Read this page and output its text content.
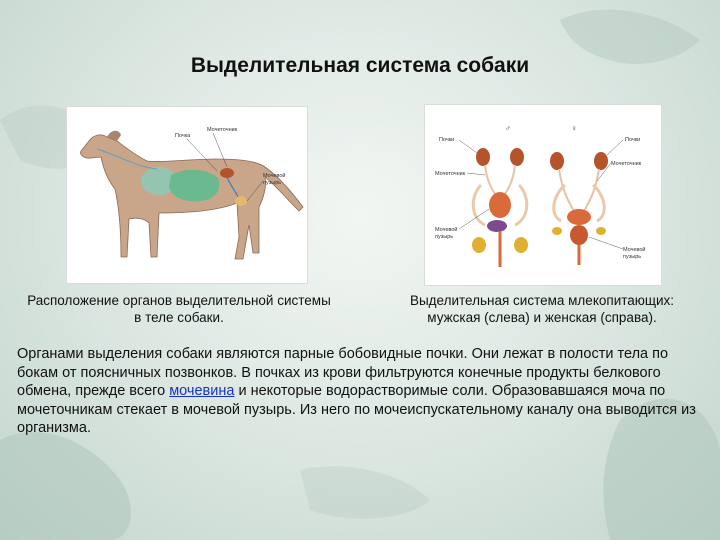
Выделительная система собаки
Мочеточник
Почка
Мочевой
пузырь
♂	♀
Почки	Почки
Мочеточник
Мочеточник
Мочевой
пузырь
Мочевой
пузырь
Расположение органов выделительной системы
в теле собаки.
Выделительная система млекопитающих:
мужская (слева) и женская (справа).
Органами выделения собаки являются парные бобовидные почки. Они лежат в полости тела по бокам от поясничных позвонков. В почках из крови фильтруются конечные продукты белкового обмена, прежде всего мочевина и некоторые водорастворимые соли. Образовавшаяся моча по мочеточникам стекает в мочевой пузырь. Из него по мочеиспускательному каналу она выводится из организма.
